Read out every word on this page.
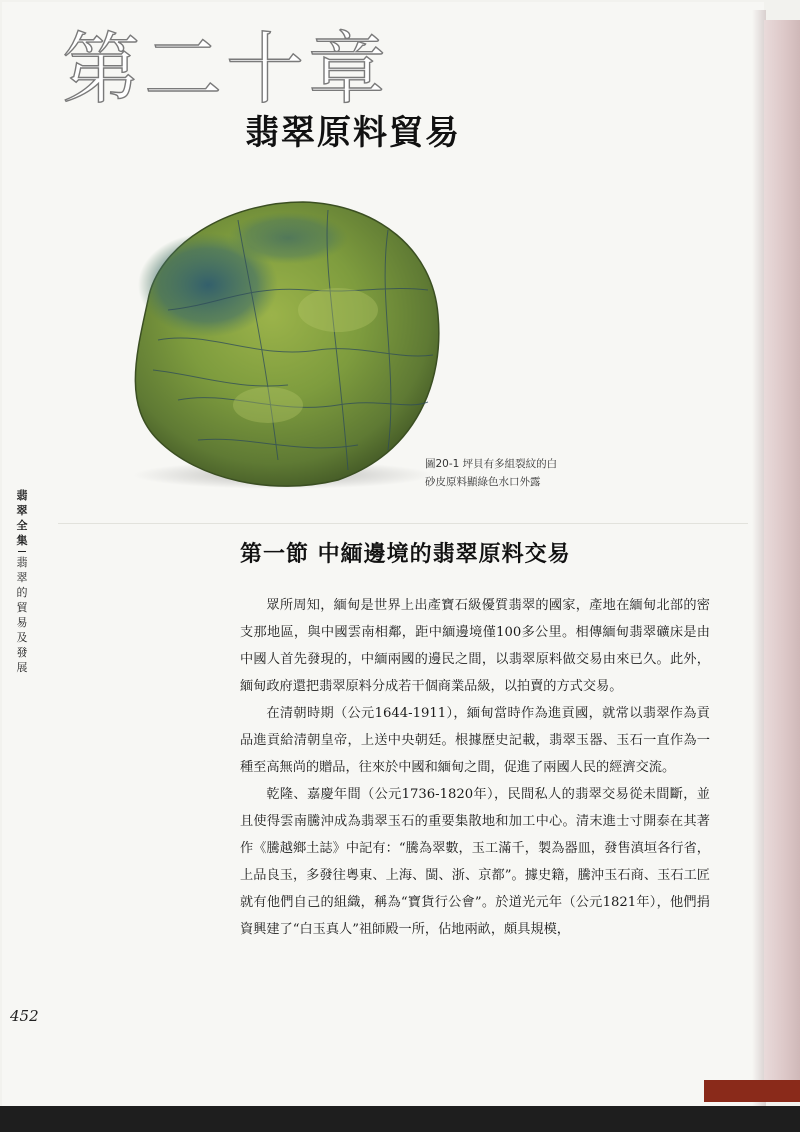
第二十章
翡翠原料貿易
圖20-1 坪貝有多組裂紋的白
砂皮原料顯綠色水口外露
翡翠全集
翡翠的貿易及發展
第一節 中緬邊境的翡翠原料交易

眾所周知，緬甸是世界上出產寶石級優質翡翠的國家，產地在緬甸北部的密支那地區，與中國雲南相鄰，距中緬邊境僅100多公里。相傳緬甸翡翠礦床是由中國人首先發現的，中緬兩國的邊民之間，以翡翠原料做交易由來已久。此外，緬甸政府還把翡翠原料分成若干個商業品級，以拍賣的方式交易。

在清朝時期（公元1644-1911），緬甸當時作為進貢國，就常以翡翠作為貢品進貢給清朝皇帝，上送中央朝廷。根據歷史記載，翡翠玉器、玉石一直作為一種至高無尚的贈品，往來於中國和緬甸之間，促進了兩國人民的經濟交流。

乾隆、嘉慶年間（公元1736-1820年），民間私人的翡翠交易從未間斷，並且使得雲南騰沖成為翡翠玉石的重要集散地和加工中心。清末進士寸開泰在其著作《騰越鄉土誌》中記有：“騰為翠數，玉工滿千，製為器皿，發售滇垣各行省，上品良玉，多發往粵東、上海、閩、浙、京都”。據史籍，騰沖玉石商、玉石工匠就有他們自己的組織，稱為“寶貨行公會”。於道光元年（公元1821年），他們捐資興建了“白玉真人”祖師殿一所，佔地兩畝，頗具規模，

452
